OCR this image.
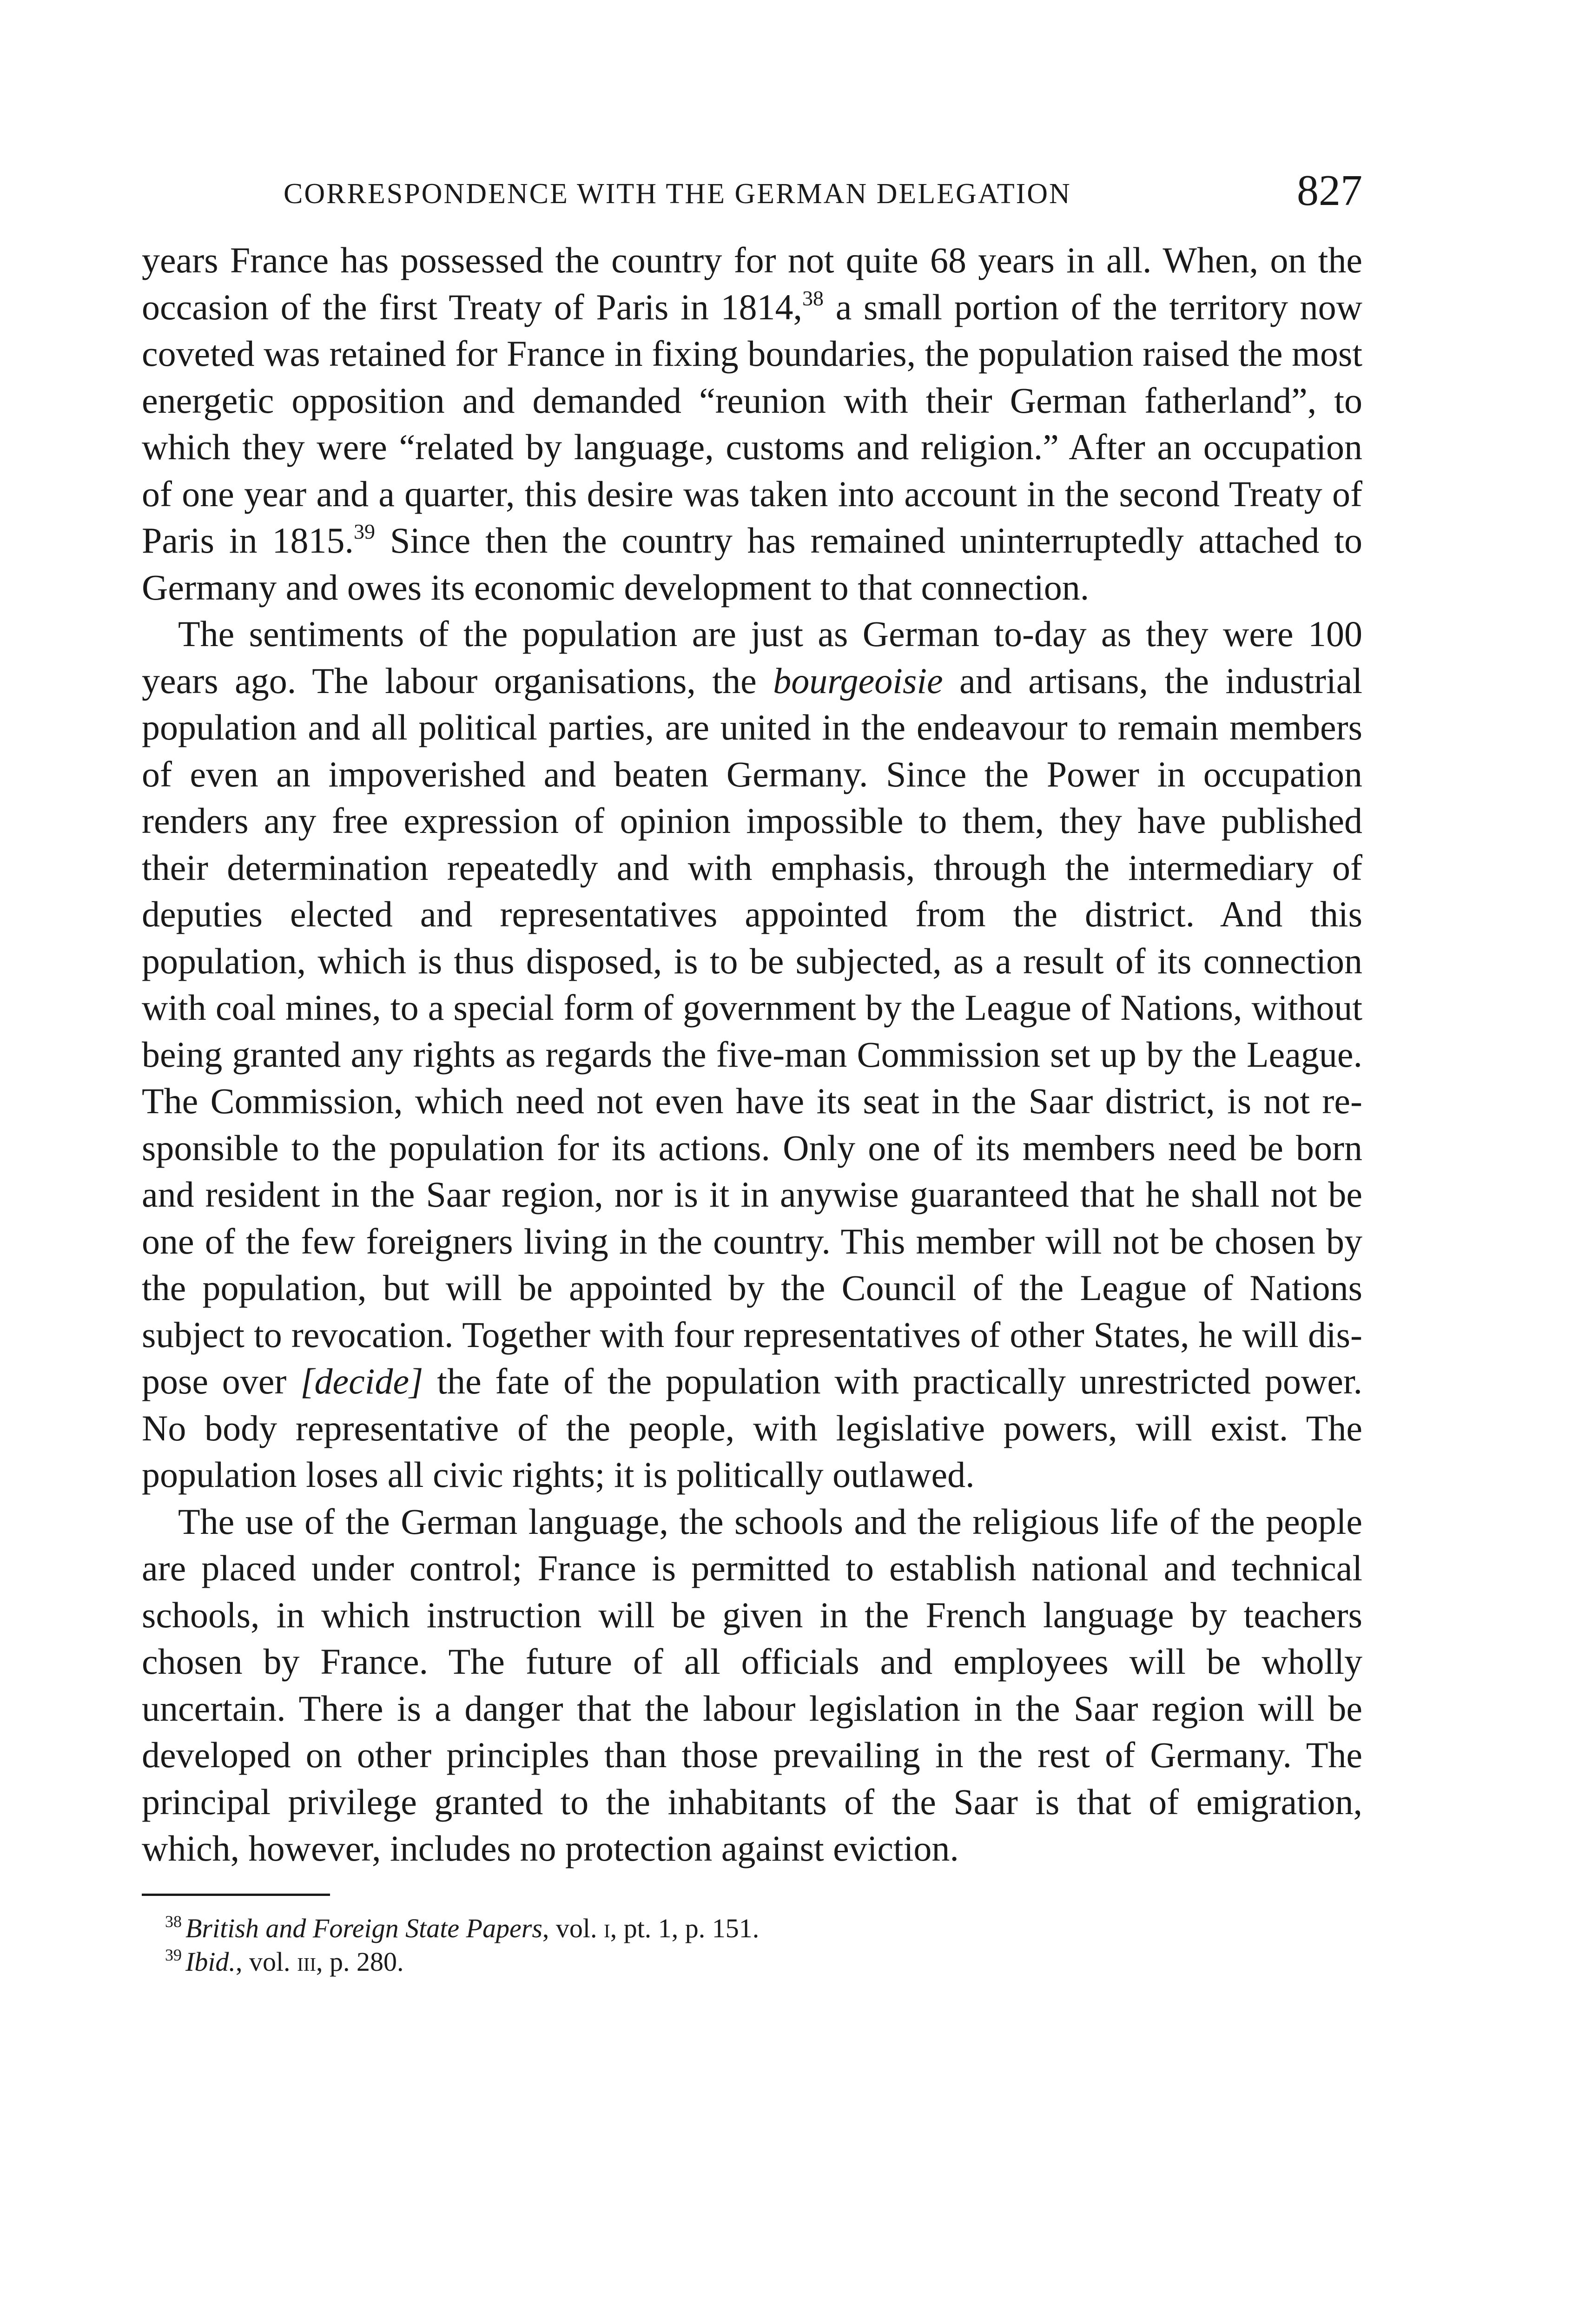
CORRESPONDENCE WITH THE GERMAN DELEGATION	827

years France has possessed the country for not quite 68 years in all. When, on the occasion of the first Treaty of Paris in 1814,38 a small portion of the territory now coveted was retained for France in fixing boundaries, the population raised the most energetic opposition and demanded “reunion with their German fatherland”, to which they were “related by language, customs and religion.” After an occupation of one year and a quarter, this desire was taken into account in the second Treaty of Paris in 1815.39 Since then the country has remained uninterruptedly attached to Germany and owes its economic development to that connection.

The sentiments of the population are just as German to-day as they were 100 years ago. The labour organisations, the bourgeoisie and artisans, the industrial population and all political parties, are united in the endeavour to remain members of even an impoverished and beaten Germany. Since the Power in occupation renders any free expression of opinion impossible to them, they have published their determination repeatedly and with emphasis, through the intermediary of deputies elected and representatives appointed from the district. And this population, which is thus disposed, is to be subjected, as a result of its connection with coal mines, to a special form of government by the League of Nations, without being granted any rights as regards the five-man Commission set up by the League. The Commission, which need not even have its seat in the Saar district, is not responsible to the population for its actions. Only one of its members need be born and resident in the Saar region, nor is it in anywise guaranteed that he shall not be one of the few foreigners living in the country. This member will not be chosen by the population, but will be appointed by the Council of the League of Nations subject to revocation. Together with four representatives of other States, he will dispose over [decide] the fate of the population with practically unrestricted power. No body representative of the people, with legislative powers, will exist. The population loses all civic rights; it is politically outlawed.

The use of the German language, the schools and the religious life of the people are placed under control; France is permitted to establish national and technical schools, in which instruction will be given in the French language by teachers chosen by France. The future of all officials and employees will be wholly uncertain. There is a danger that the labour legislation in the Saar region will be developed on other principles than those prevailing in the rest of Germany. The principal privilege granted to the inhabitants of the Saar is that of emigration, which, however, includes no protection against eviction.

$^{38}$ British and Foreign State Papers, vol. i, pt. 1, p. 151.

$^{39}$ Ibid., vol. iii, p. 280.
